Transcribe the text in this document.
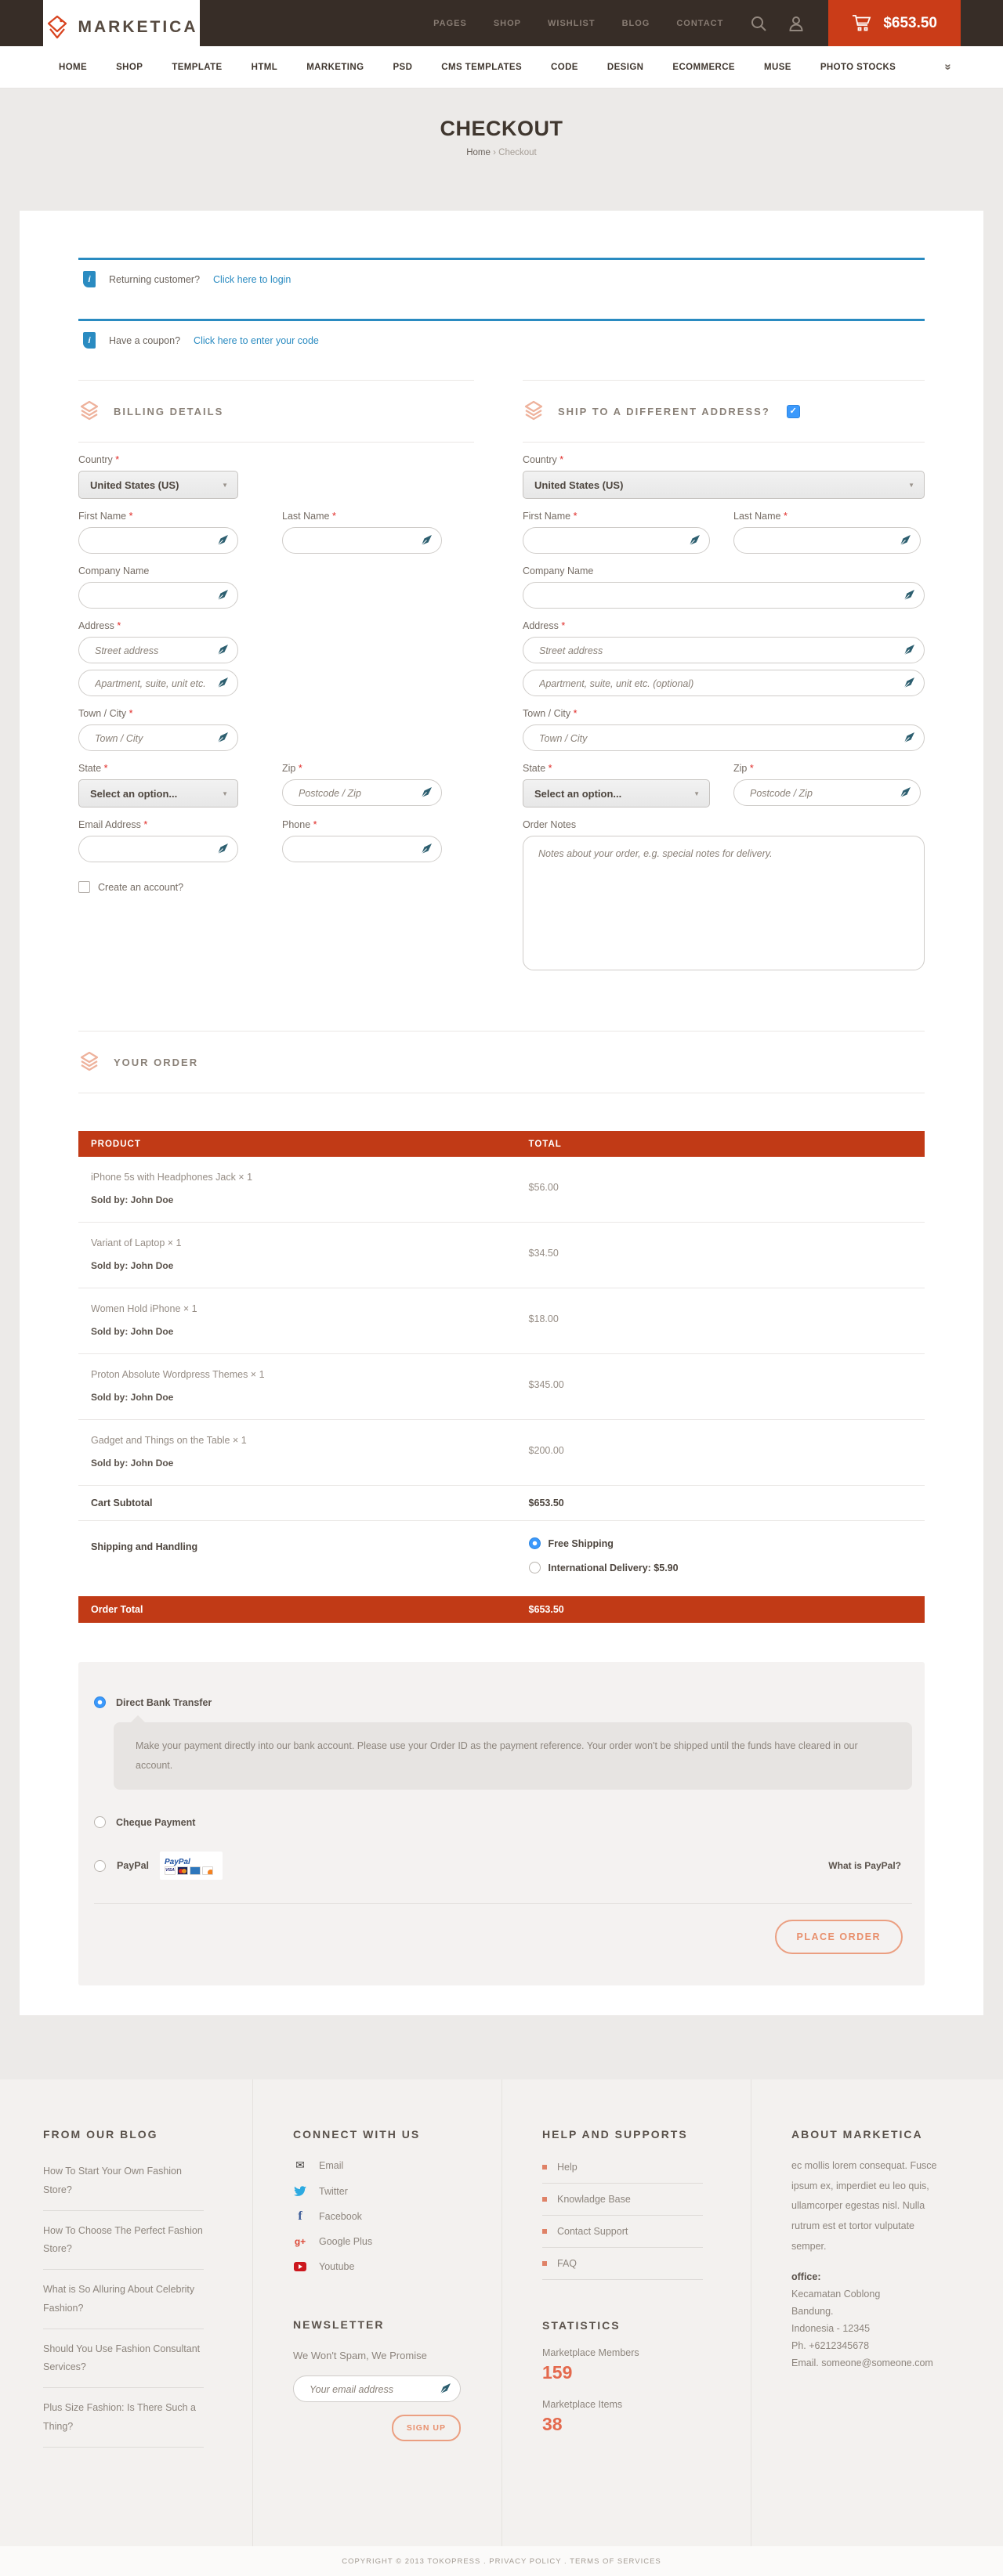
MARKETICA	PAGES	SHOP	WISHLIST	BLOG	CONTACT	$653.50
HOME	SHOP	TEMPLATE	HTML	MARKETING	PSD	CMS TEMPLATES	CODE	DESIGN	ECOMMERCE	MUSE	PHOTO STOCKS	»
CHECKOUT
Home › Checkout
i	Returning customer? Click here to login
i	Have a coupon? Click here to enter your code
BILLING DETAILS
Country *
United States (US)	▼
First Name *	Last Name *
Company Name
Address *
Street address
Apartment, suite, unit etc.
Town / City *
Town / City
State *
Select an option...	▼
Zip *
Postcode / Zip
Email Address *	Phone *
Create an account?
SHIP TO A DIFFERENT ADDRESS?	✓
Country *
United States (US)	▼
First Name *	Last Name *
Company Name
Address *
Street address
Apartment, suite, unit etc. (optional)
Town / City *
Town / City
State *
Select an option...	▼
Zip *
Postcode / Zip
Order Notes
Notes about your order, e.g. special notes for delivery.
YOUR ORDER
PRODUCT	TOTAL
iPhone 5s with Headphones Jack × 1
Sold by: John Doe
$56.00
Variant of Laptop × 1
Sold by: John Doe
$34.50
Women Hold iPhone × 1
Sold by: John Doe
$18.00
Proton Absolute Wordpress Themes × 1
Sold by: John Doe
$345.00
Gadget and Things on the Table × 1
Sold by: John Doe
$200.00
Cart Subtotal	$653.50
Shipping and Handling	Free Shipping
International Delivery: $5.90
Order Total	$653.50
Direct Bank Transfer
Make your payment directly into our bank account. Please use your Order ID as the payment reference. Your order won't be shipped until the funds have cleared in our account.
Cheque Payment
PayPal	PayPal
VISA	What is PayPal?
PLACE ORDER
FROM OUR BLOG
How To Start Your Own Fashion Store?
How To Choose The Perfect Fashion Store?
What is So Alluring About Celebrity Fashion?
Should You Use Fashion Consultant Services?
Plus Size Fashion: Is There Such a Thing?
CONNECT WITH US
✉ Email
Twitter
f	Facebook
g+ Google Plus
Youtube
NEWSLETTER
We Won't Spam, We Promise
Your email address
SIGN UP
HELP AND SUPPORTS
Help
Knowladge Base
Contact Support
FAQ
STATISTICS
Marketplace Members
159
Marketplace Items
38
ABOUT MARKETICA
ec mollis lorem consequat. Fusce ipsum ex, imperdiet eu leo quis, ullamcorper egestas nisl. Nulla rutrum est et tortor vulputate semper.
office:
Kecamatan Coblong
Bandung.
Indonesia - 12345
Ph. +6212345678
Email. someone@someone.com
COPYRIGHT © 2013 TOKOPRESS . PRIVACY POLICY . TERMS OF SERVICES
